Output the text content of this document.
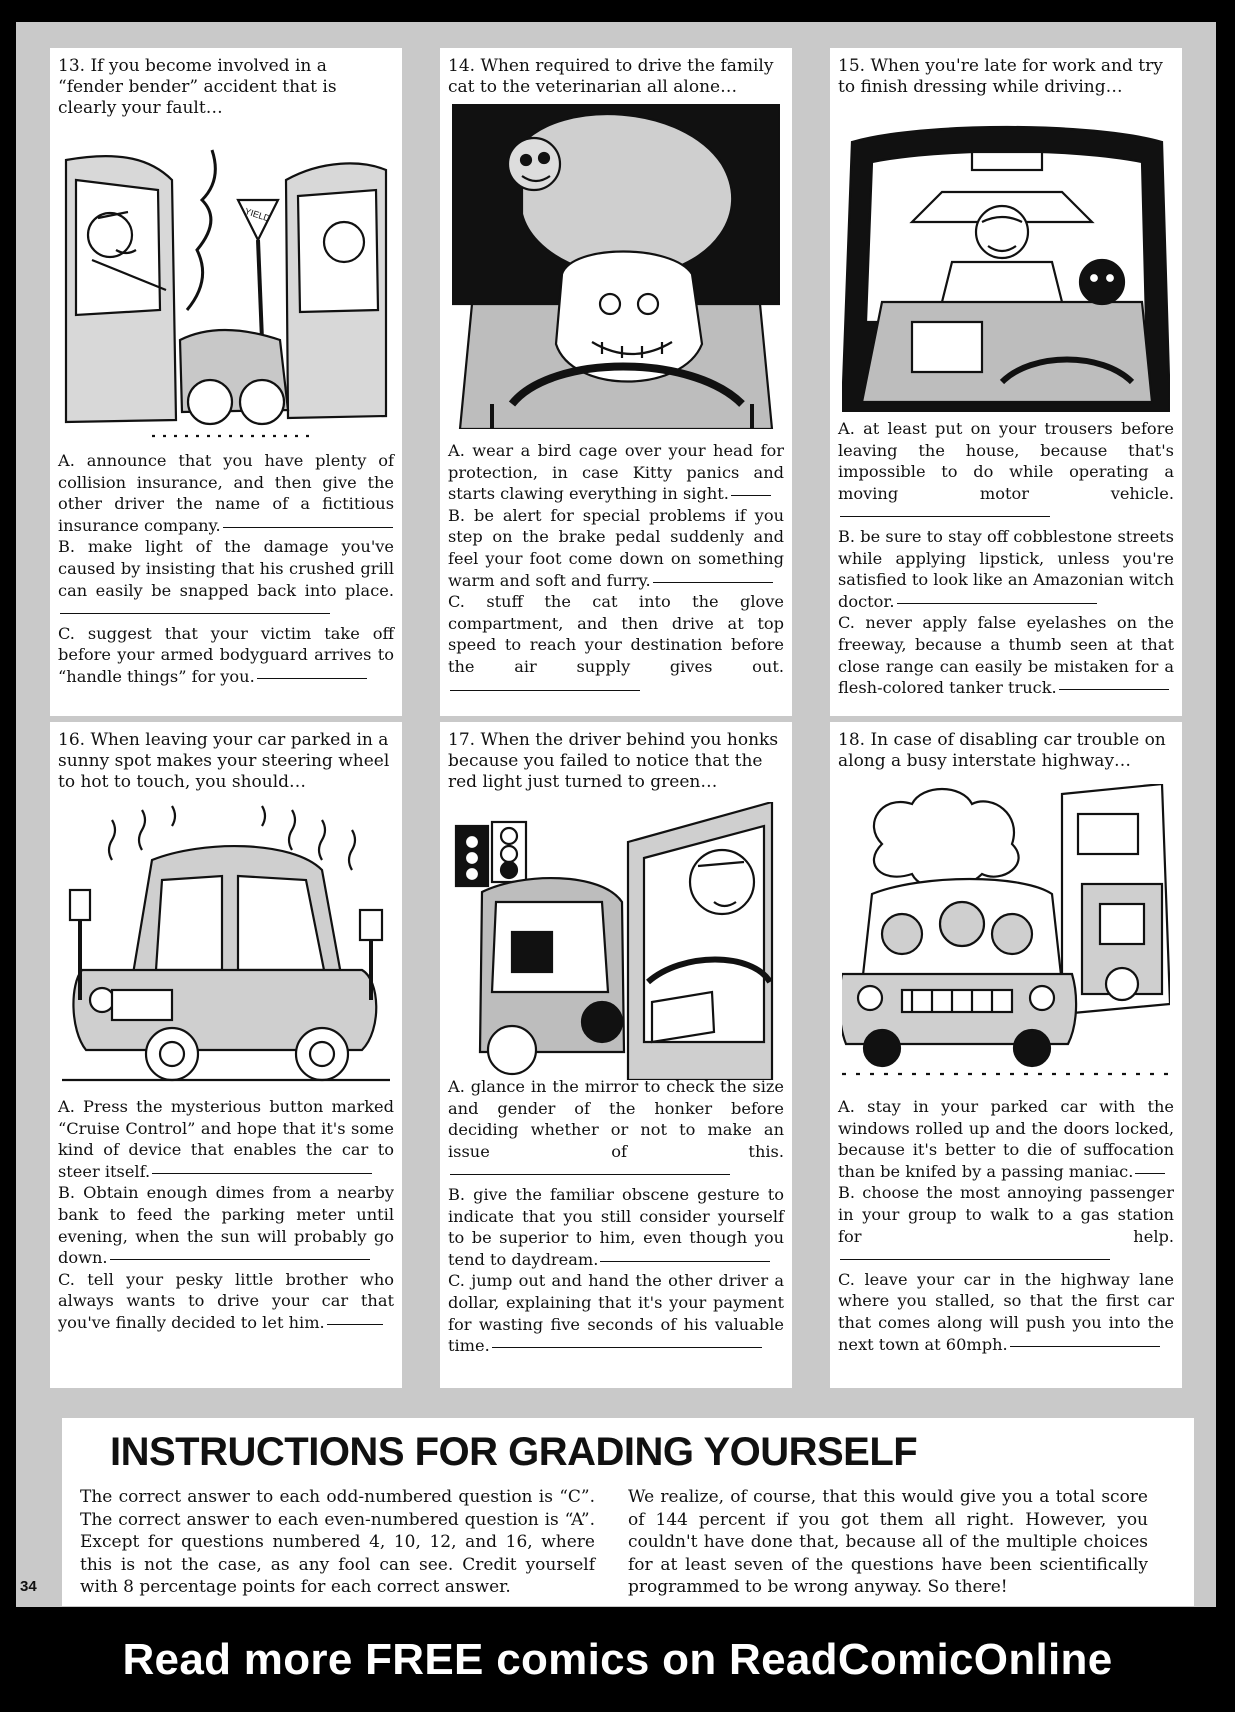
13. If you become involved in a “fender bender” accident that is clearly your fault…

YIELD

A. announce that you have plenty of collision insurance, and then give the other driver the name of a fictitious insurance company.

B. make light of the damage you've caused by insisting that his crushed grill can easily be snapped back into place.

C. suggest that your victim take off before your armed bodyguard arrives to “handle things” for you.

14. When required to drive the family cat to the veterinarian all alone…

A. wear a bird cage over your head for protection, in case Kitty panics and starts clawing everything in sight.

B. be alert for special problems if you step on the brake pedal suddenly and feel your foot come down on something warm and soft and furry.

C. stuff the cat into the glove compartment, and then drive at top speed to reach your destination before the air supply gives out.

15. When you're late for work and try to finish dressing while driving…

A. at least put on your trousers before leaving the house, because that's impossible to do while operating a moving motor vehicle.

B. be sure to stay off cobblestone streets while applying lipstick, unless you're satisfied to look like an Amazonian witch doctor.

C. never apply false eyelashes on the freeway, because a thumb seen at that close range can easily be mistaken for a flesh-colored tanker truck.

16. When leaving your car parked in a sunny spot makes your steering wheel to hot to touch, you should…

A. Press the mysterious button marked “Cruise Control” and hope that it's some kind of device that enables the car to steer itself.

B. Obtain enough dimes from a nearby bank to feed the parking meter until evening, when the sun will probably go down.

C. tell your pesky little brother who always wants to drive your car that you've finally decided to let him.

17. When the driver behind you honks because you failed to notice that the red light just turned to green…

A. glance in the mirror to check the size and gender of the honker before deciding whether or not to make an issue of this.

B. give the familiar obscene gesture to indicate that you still consider yourself to be superior to him, even though you tend to daydream.

C. jump out and hand the other driver a dollar, explaining that it's your payment for wasting five seconds of his valuable time.

18. In case of disabling car trouble on along a busy interstate highway…

A. stay in your parked car with the windows rolled up and the doors locked, because it's better to die of suffocation than be knifed by a passing maniac.

B. choose the most annoying passenger in your group to walk to a gas station for help.

C. leave your car in the highway lane where you stalled, so that the first car that comes along will push you into the next town at 60mph.

INSTRUCTIONS FOR GRADING YOURSELF
The correct answer to each odd-numbered question is “C”. The correct answer to each even-numbered question is “A”. Except for questions numbered 4, 10, 12, and 16, where this is not the case, as any fool can see. Credit yourself with 8 percentage points for each correct answer.
We realize, of course, that this would give you a total score of 144 percent if you got them all right. However, you couldn't have done that, because all of the multiple choices for at least seven of the questions have been scientifically programmed to be wrong anyway. So there!
34
Read more FREE comics on ReadComicOnline
